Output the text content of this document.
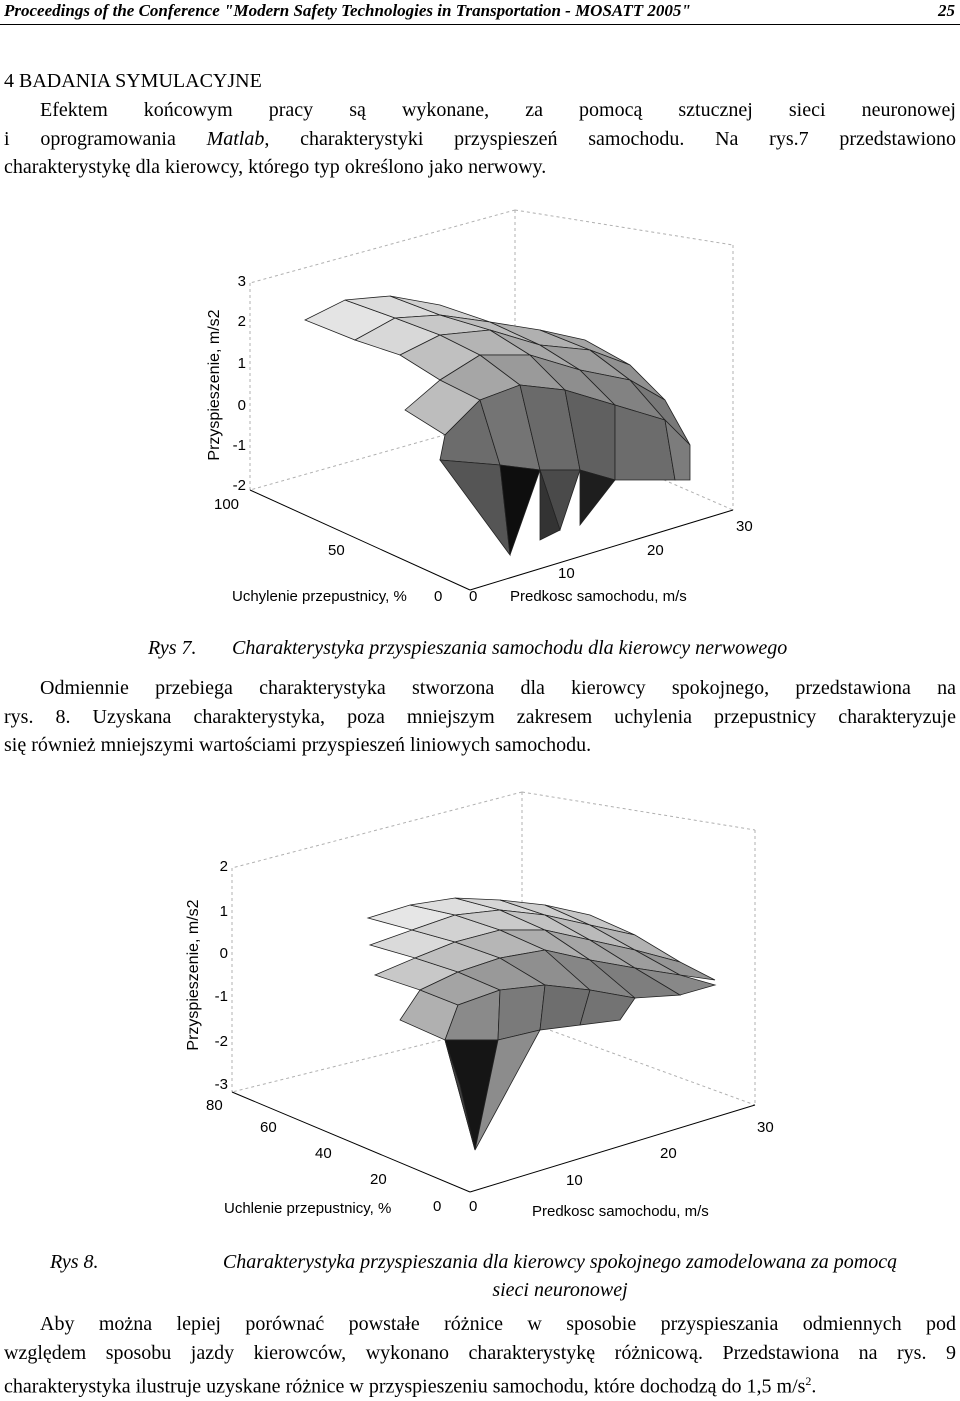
Proceedings of the Conference "Modern Safety Technologies in Transportation - MOSATT 2005"	25
4 BADANIA SYMULACYJNE
Efektem końcowym pracy są wykonane, za pomocą sztucznej sieci neuronowej
i oprogramowania Matlab, charakterystyki przyspieszeń samochodu. Na rys.7 przedstawiono
charakterystykę dla kierowcy, którego typ określono jako nerwowy.
3
2
1
0
-1
-2
100
50
0 0
10
20
30
Uchylenie przepustnicy, %	Predkosc samochodu, m/s
Przyspieszenie, m/s2
Rys 7. Charakterystyka przyspieszania samochodu dla kierowcy nerwowego
Odmiennie przebiega charakterystyka stworzona dla kierowcy spokojnego, przedstawiona na
rys. 8. Uzyskana charakterystyka, poza mniejszym zakresem uchylenia przepustnicy charakteryzuje
się również mniejszymi wartościami przyspieszeń liniowych samochodu.
2
1
0
-1
-2
-3
80
60
40
20
0 0
10
20
30
Uchlenie przepustnicy, %	Predkosc samochodu, m/s
Przyspieszenie, m/s2
Rys 8.	Charakterystyka przyspieszania dla kierowcy spokojnego zamodelowana za pomocą
sieci neuronowej
Aby można lepiej porównać powstałe różnice w sposobie przyspieszania odmiennych pod
względem sposobu jazdy kierowców, wykonano charakterystykę różnicową. Przedstawiona na rys. 9
charakterystyka ilustruje uzyskane różnice w przyspieszeniu samochodu, które dochodzą do 1,5 $m/s^2$.
